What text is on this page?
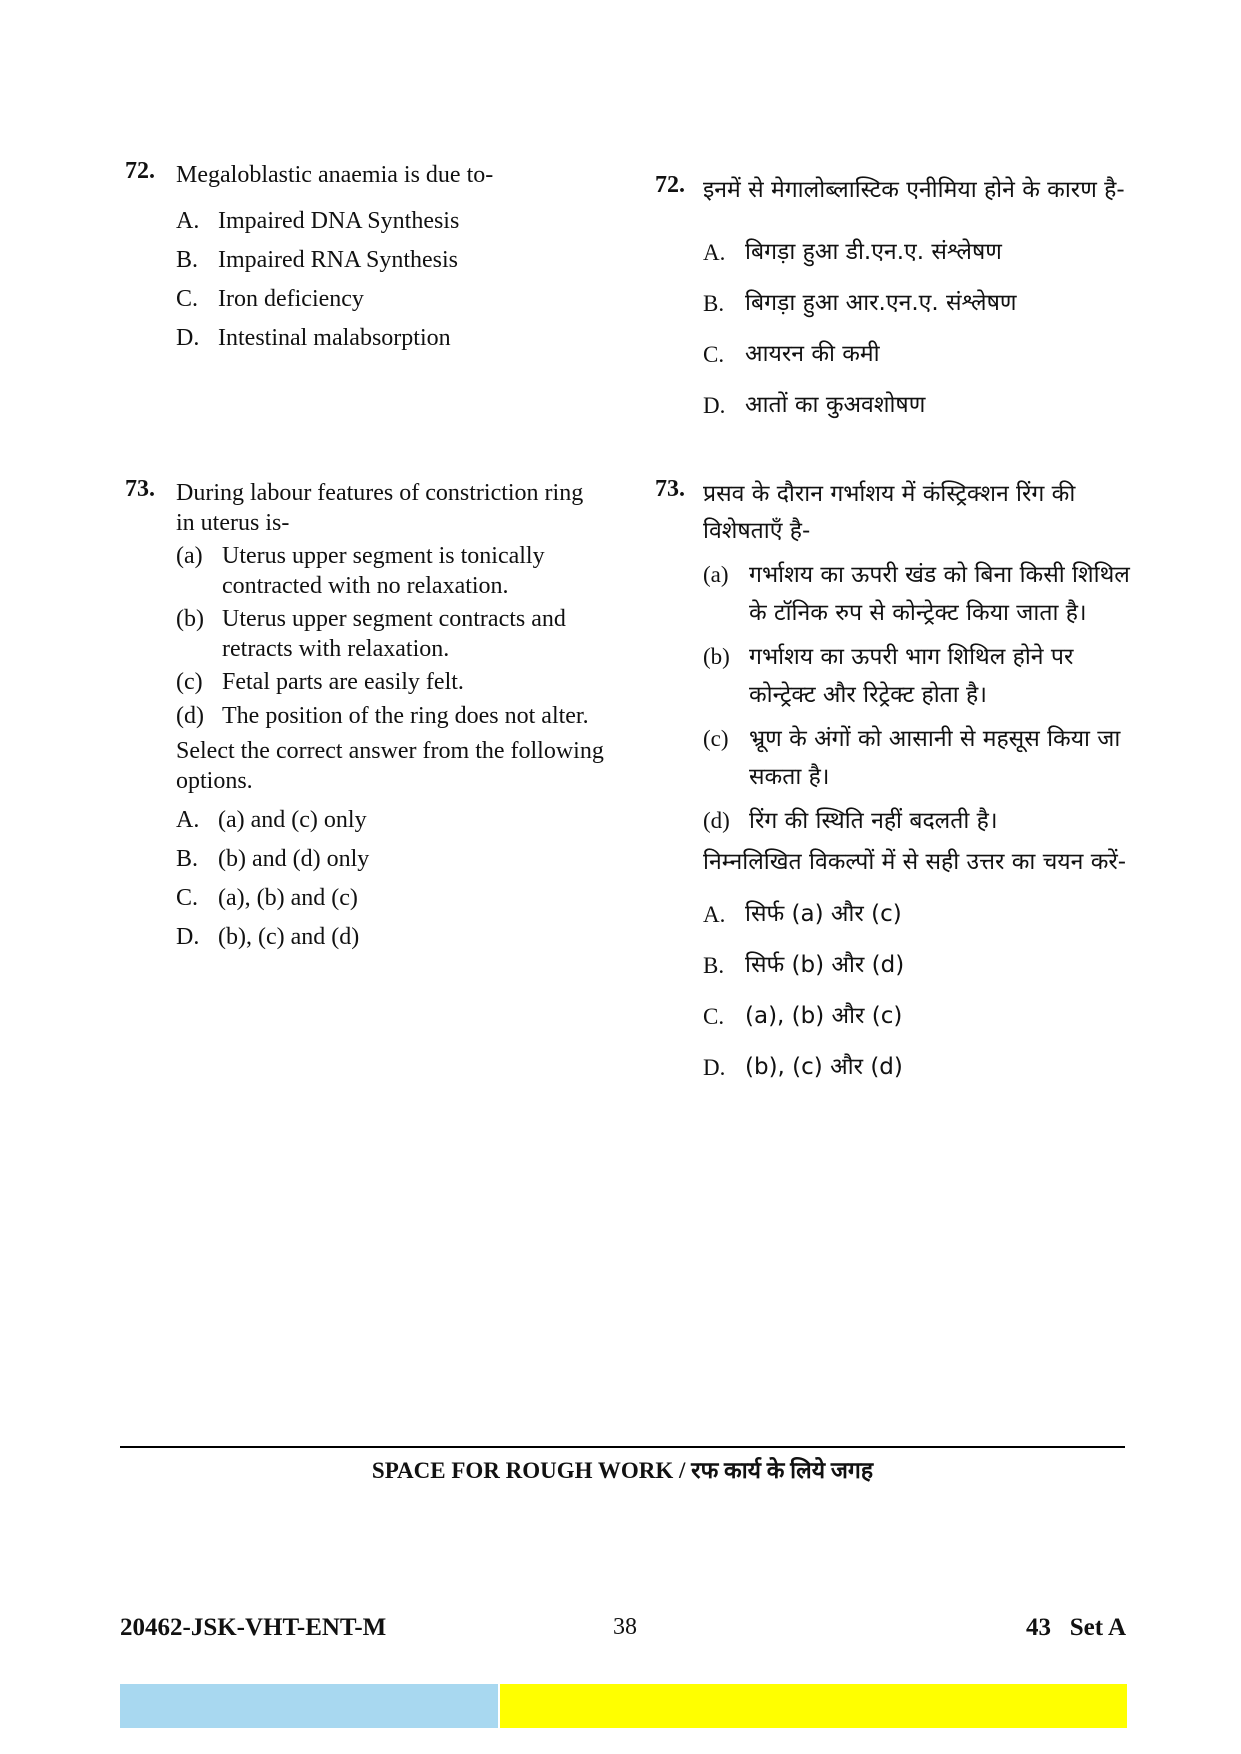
72. Megaloblastic anaemia is due to-
A. Impaired DNA Synthesis
B. Impaired RNA Synthesis
C. Iron deficiency
D. Intestinal malabsorption
73. During labour features of constriction ring in uterus is-
(a) Uterus upper segment is tonically contracted with no relaxation.
(b) Uterus upper segment contracts and retracts with relaxation.
(c) Fetal parts are easily felt.
(d) The position of the ring does not alter.
Select the correct answer from the following options.
A. (a) and (c) only
B. (b) and (d) only
C. (a), (b) and (c)
D. (b), (c) and (d)
72. इनमें से मेगालोब्लास्टिक एनीमिया होने के कारण है-
A. बिगड़ा हुआ डी.एन.ए. संश्लेषण
B. बिगड़ा हुआ आर.एन.ए. संश्लेषण
C. आयरन की कमी
D. आतों का कुअवशोषण
73. प्रसव के दौरान गर्भाशय में कंस्ट्रिक्शन रिंग की विशेषताएँ है-
(a) गर्भाशय का ऊपरी खंड को बिना किसी शिथिल के टॉनिक रुप से कोन्ट्रेक्ट किया जाता है।
(b) गर्भाशय का ऊपरी भाग शिथिल होने पर कोन्ट्रेक्ट और रिट्रेक्ट होता है।
(c) भ्रूण के अंगों को आसानी से महसूस किया जा सकता है।
(d) रिंग की स्थिति नहीं बदलती है।
निम्नलिखित विकल्पों में से सही उत्तर का चयन करें-
A. सिर्फ (a) और (c)
B. सिर्फ (b) और (d)
C. (a), (b) और (c)
D. (b), (c) और (d)
SPACE FOR ROUGH WORK / रफ कार्य के लिये जगह
20462-JSK-VHT-ENT-M	38	43   Set A
